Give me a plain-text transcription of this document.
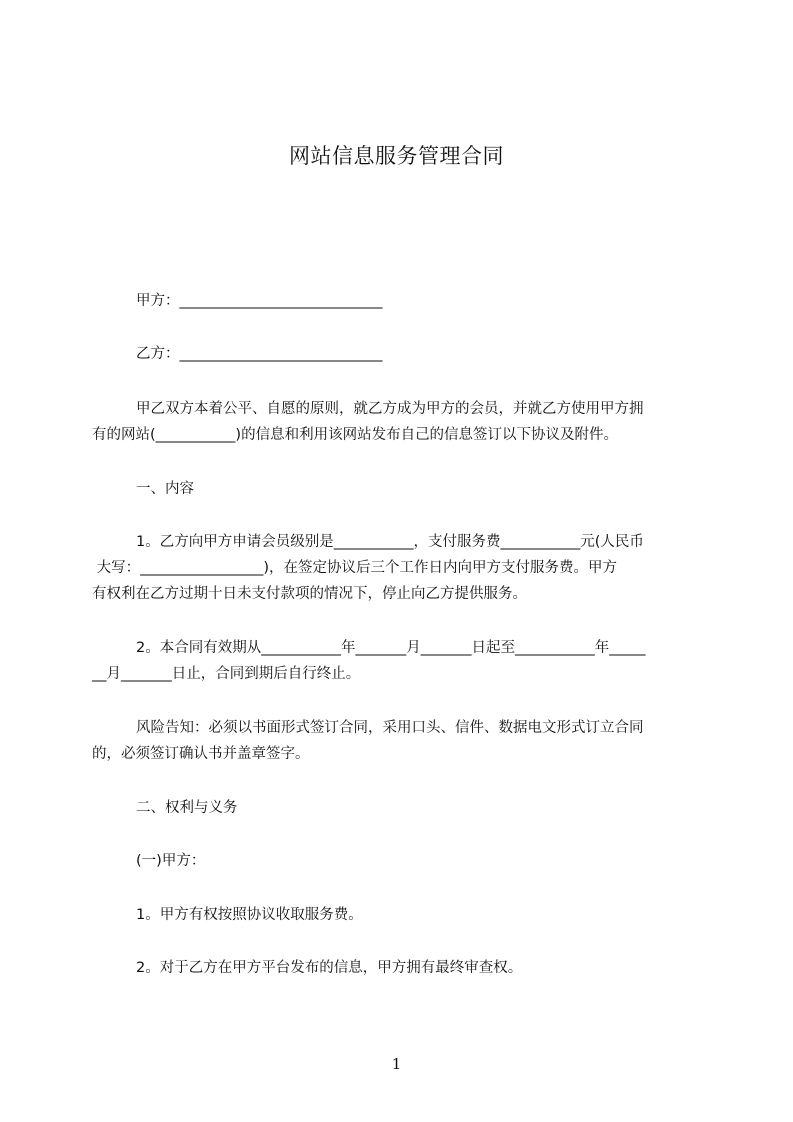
网站信息服务管理合同

甲方：____________________________

乙方：____________________________

甲乙双方本着公平、自愿的原则，就乙方成为甲方的会员，并就乙方使用甲方拥

有的网站(___________)的信息和利用该网站发布自己的信息签订以下协议及附件。

一、内容

1。乙方向甲方申请会员级别是___________，支付服务费___________元(人民币

大写：_________________)，在签定协议后三个工作日内向甲方支付服务费。甲方

有权利在乙方过期十日未支付款项的情况下，停止向乙方提供服务。

2。本合同有效期从___________年_______月_______日起至___________年_____

__月_______日止，合同到期后自行终止。

风险告知：必须以书面形式签订合同，采用口头、信件、数据电文形式订立合同

的，必须签订确认书并盖章签字。

二、权利与义务

(一)甲方：

1。甲方有权按照协议收取服务费。

2。对于乙方在甲方平台发布的信息，甲方拥有最终审查权。

1
